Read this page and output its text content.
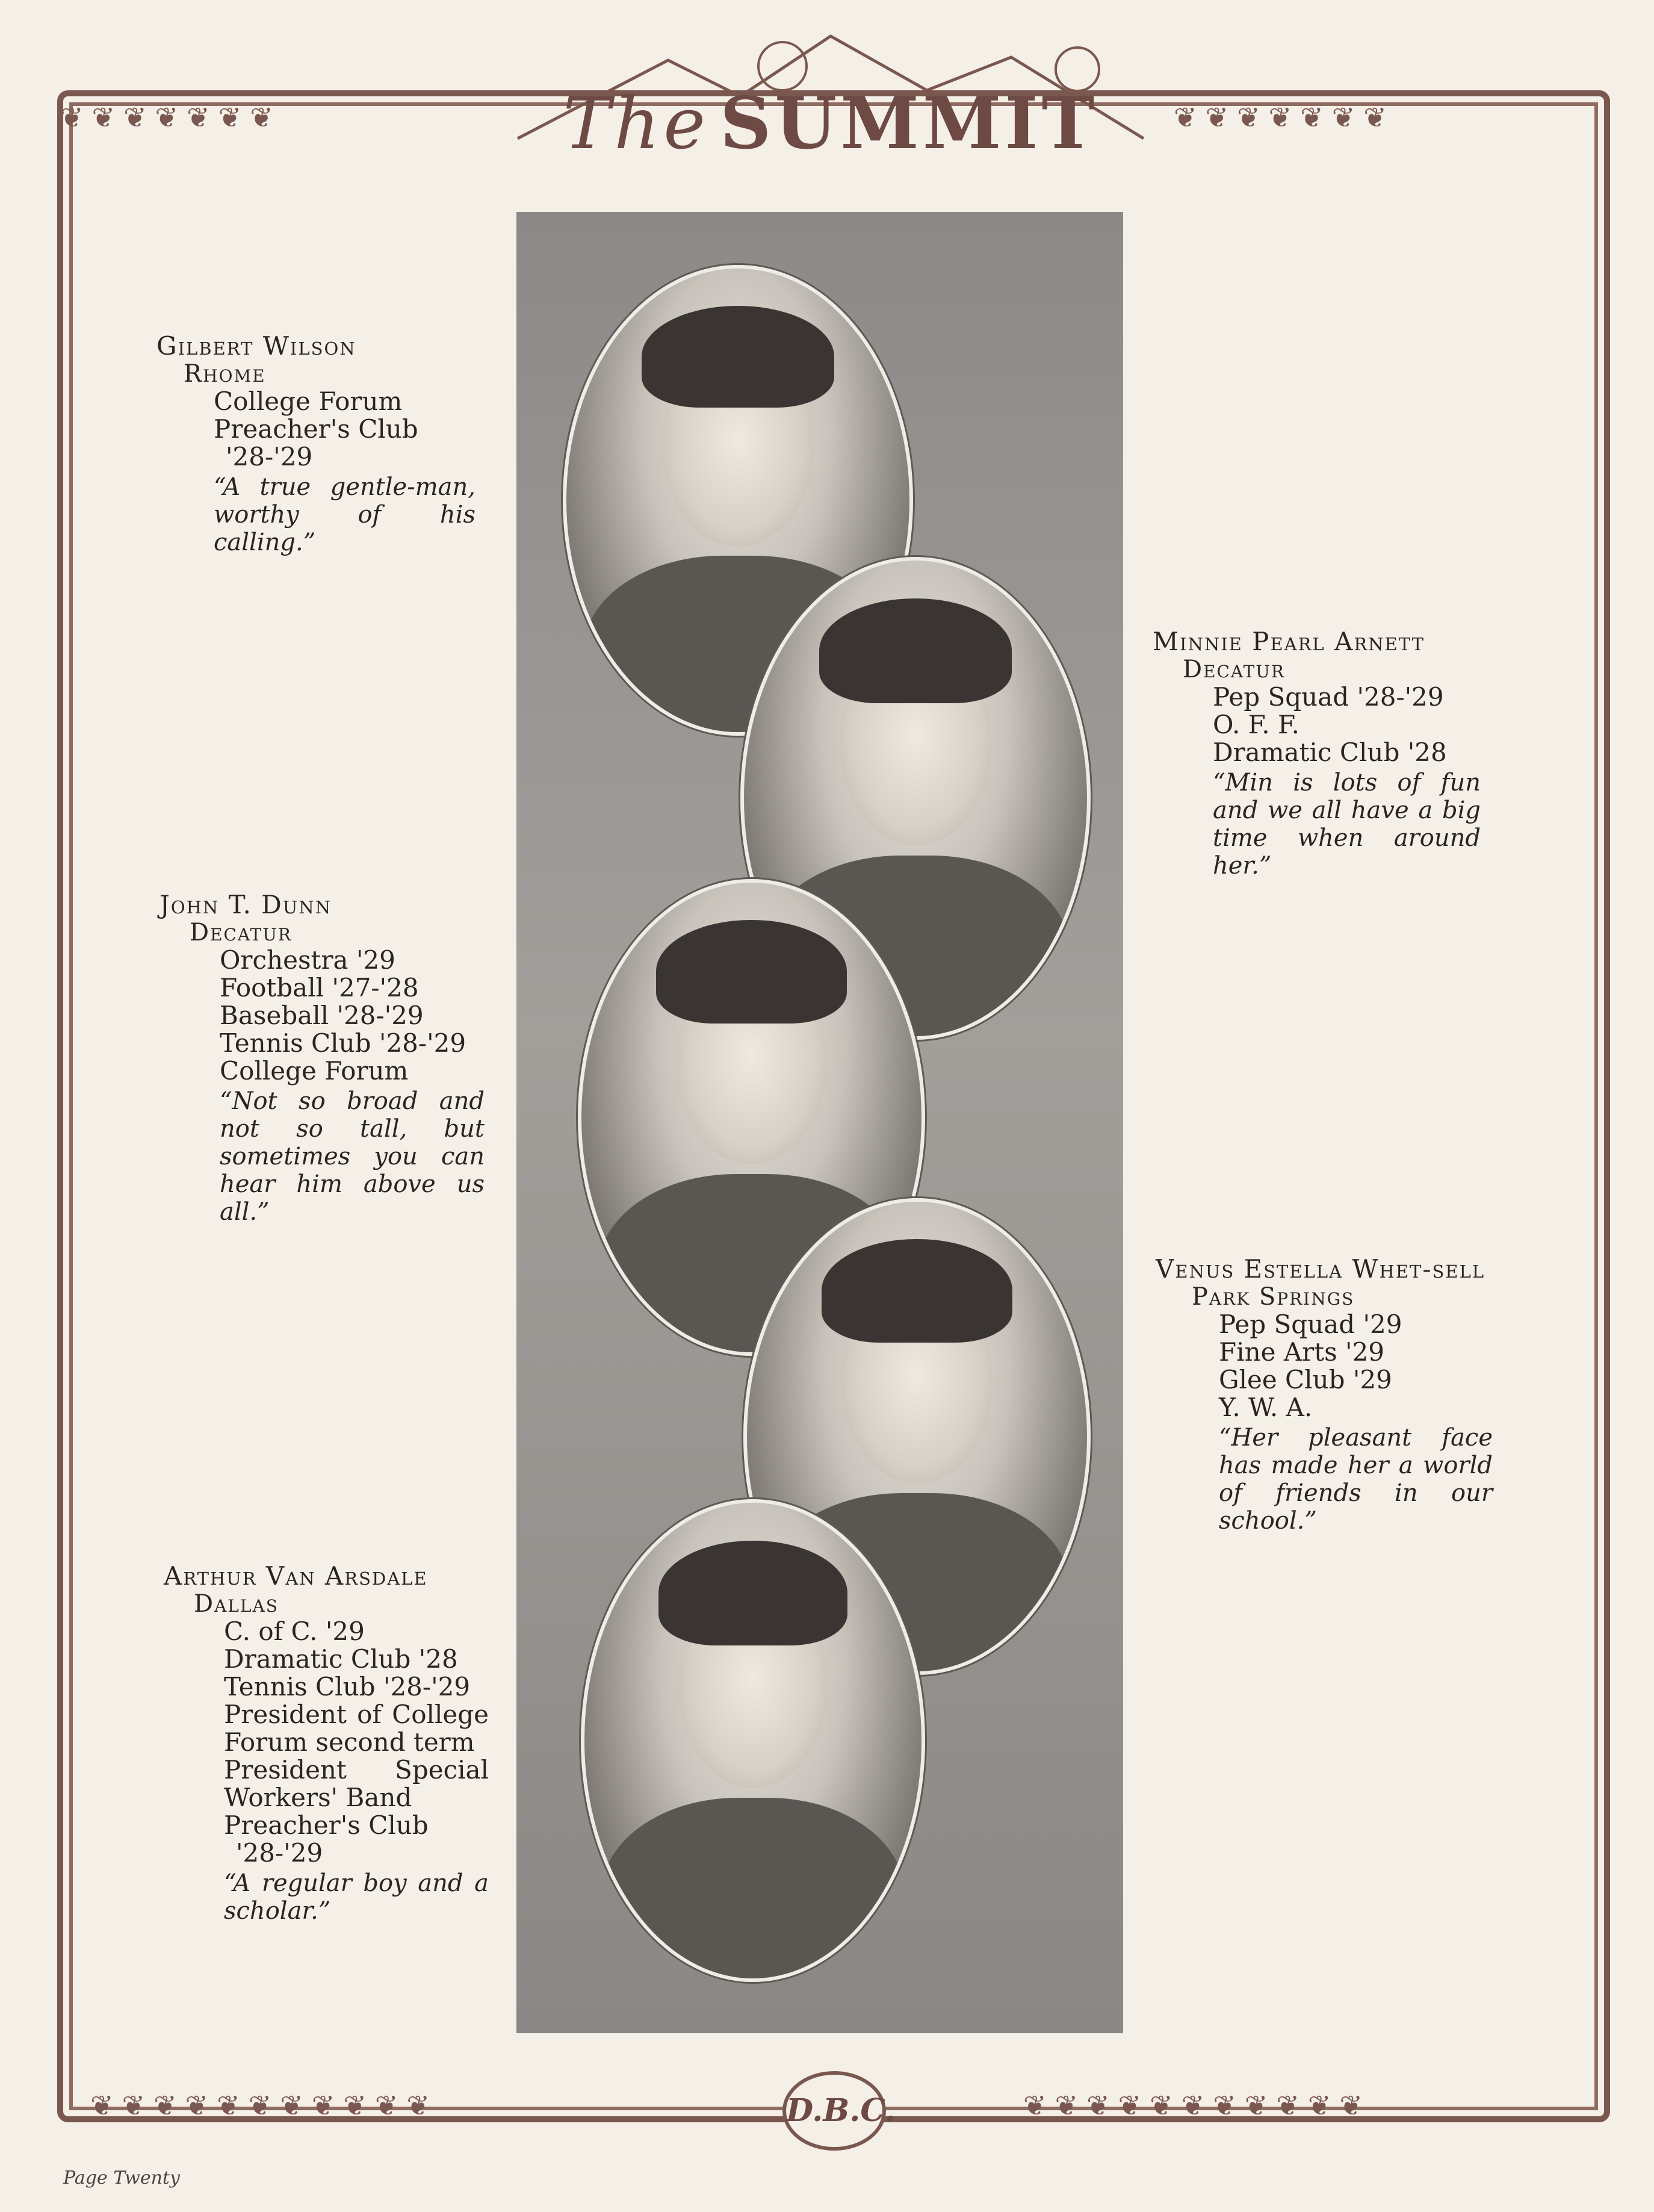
❦❦❦❦❦❦❦	❦❦❦❦❦❦❦
❦❦❦❦❦❦❦❦❦❦❦	❦❦❦❦❦❦❦❦❦❦❦
The SUMMIT
Gilbert Wilson
Rhome
College Forum
Preacher's Club
'28-'29
“A true gentle-man, worthy of his calling.”
Minnie Pearl Arnett
Decatur
Pep Squad '28-'29
O. F. F.
Dramatic Club '28
“Min is lots of fun and we all have a big time when around her.”
John T. Dunn
Decatur
Orchestra '29
Football '27-'28
Baseball '28-'29
Tennis Club '28-'29
College Forum
“Not so broad and not so tall, but sometimes you can hear him above us all.”
Venus Estella Whet-sell
Park Springs
Pep Squad '29
Fine Arts '29
Glee Club '29
Y. W. A.
“Her pleasant face has made her a world of friends in our school.”
Arthur Van Arsdale
Dallas
C. of C. '29
Dramatic Club '28
Tennis Club '28-'29
President of College Forum second term
President Special Workers' Band
Preacher's Club
'28-'29
“A regular boy and a scholar.”
D.B.C.
Page Twenty
